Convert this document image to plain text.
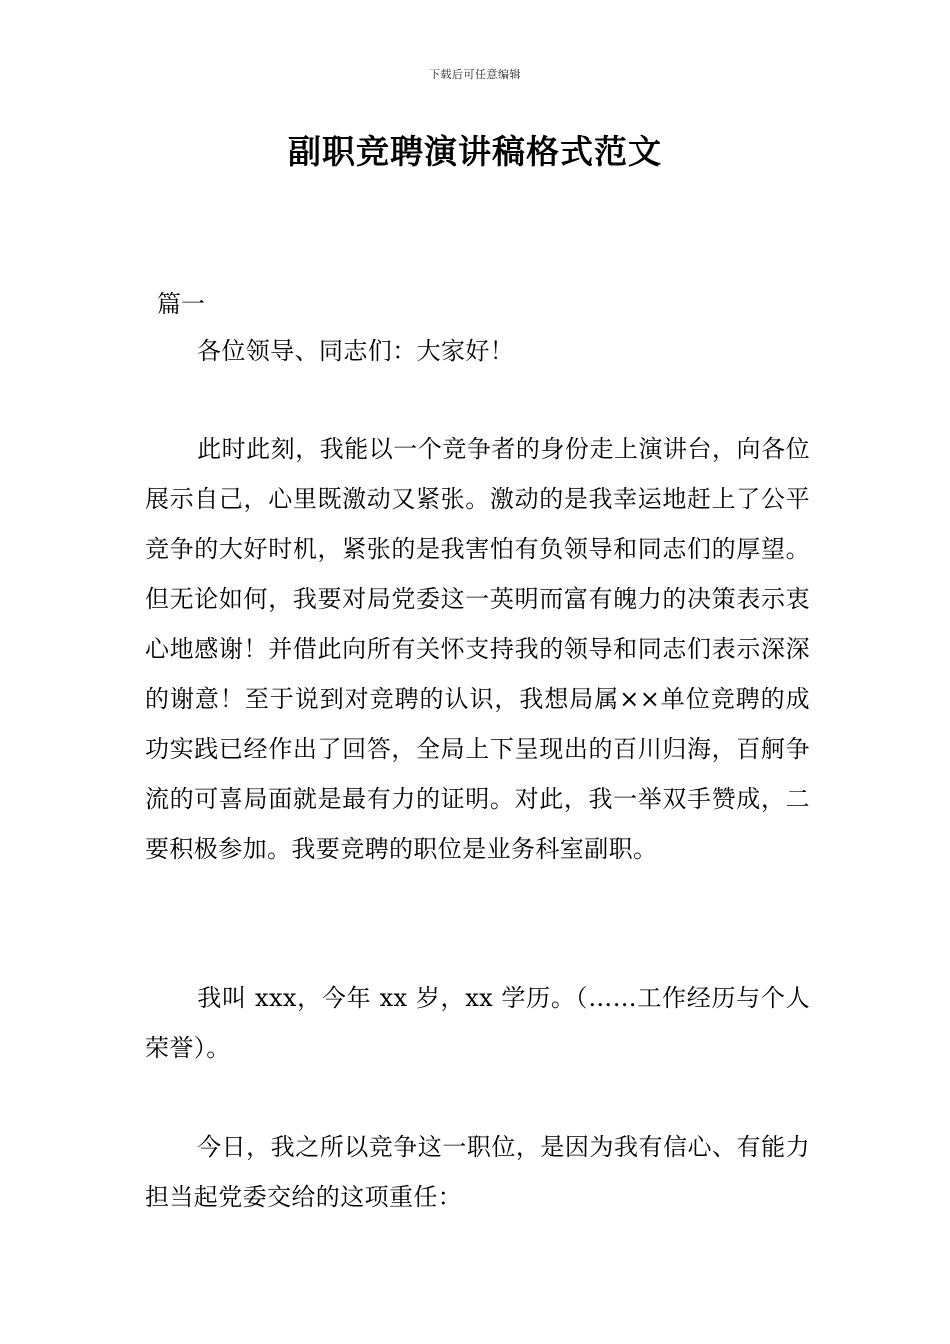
下载后可任意编辑
副职竞聘演讲稿格式范文
篇一

各位领导、同志们：大家好！

此时此刻，我能以一个竞争者的身份走上演讲台，向各位展示自己，心里既激动又紧张。激动的是我幸运地赶上了公平竞争的大好时机，紧张的是我害怕有负领导和同志们的厚望。但无论如何，我要对局党委这一英明而富有魄力的决策表示衷心地感谢！并借此向所有关怀支持我的领导和同志们表示深深的谢意！至于说到对竞聘的认识，我想局属××单位竞聘的成功实践已经作出了回答，全局上下呈现出的百川归海，百舸争流的可喜局面就是最有力的证明。对此，我一举双手赞成，二要积极参加。我要竞聘的职位是业务科室副职。

我叫 xxx，今年 xx 岁，xx 学历。（……工作经历与个人荣誉）。

今日，我之所以竞争这一职位，是因为我有信心、有能力担当起党委交给的这项重任：
